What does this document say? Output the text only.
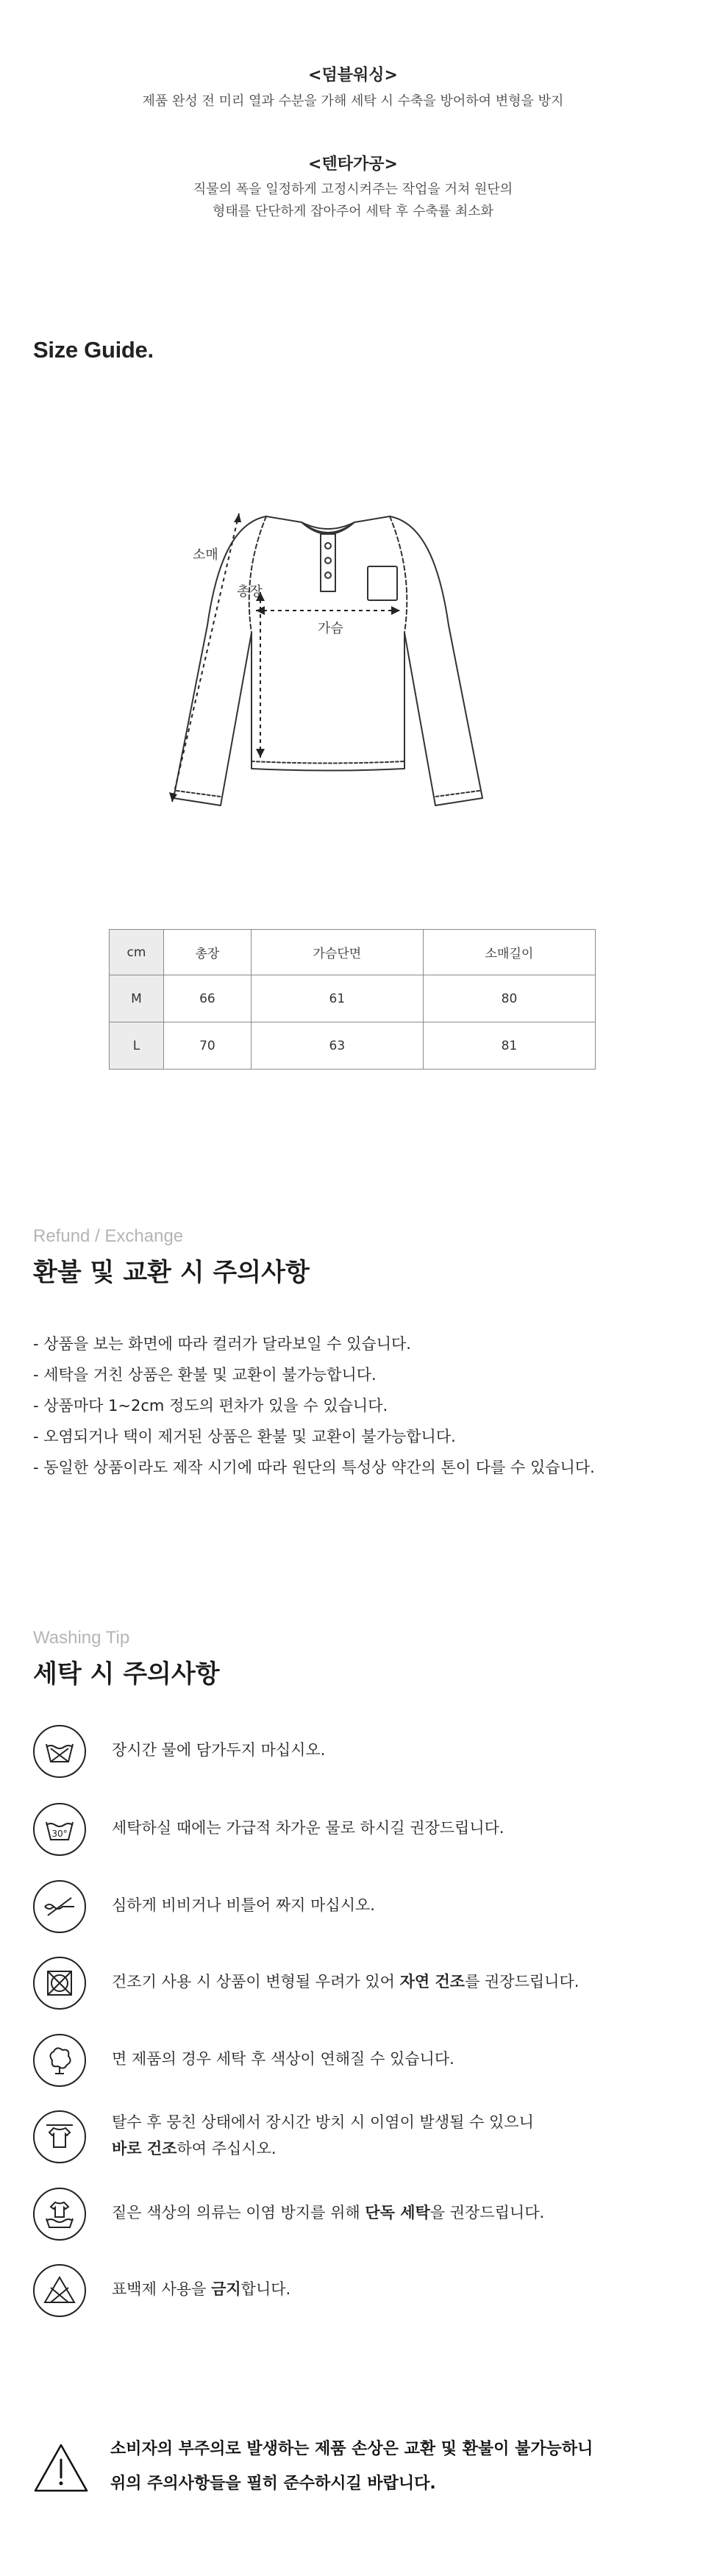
<덤블워싱>
제품 완성 전 미리 열과 수분을 가해 세탁 시 수축을 방어하여 변형을 방지
<텐타가공>
직물의 폭을 일정하게 고정시켜주는 작업을 거쳐 원단의
형태를 단단하게 잡아주어 세탁 후 수축률 최소화
Size Guide.
소매
총장
가슴
cm	총장	가슴단면	소매길이
M	66	61	80
L	70	63	81
Refund / Exchange
환불 및 교환 시 주의사항
- 상품을 보는 화면에 따라 컬러가 달라보일 수 있습니다.
- 세탁을 거친 상품은 환불 및 교환이 불가능합니다.
- 상품마다 1~2cm 정도의 편차가 있을 수 있습니다.
- 오염되거나 택이 제거된 상품은 환불 및 교환이 불가능합니다.
- 동일한 상품이라도 제작 시기에 따라 원단의 특성상 약간의 톤이 다를 수 있습니다.
Washing Tip
세탁 시 주의사항
장시간 물에 담가두지 마십시오.
30°	세탁하실 때에는 가급적 차가운 물로 하시길 권장드립니다.
심하게 비비거나 비틀어 짜지 마십시오.
건조기 사용 시 상품이 변형될 우려가 있어 자연 건조를 권장드립니다.
면 제품의 경우 세탁 후 색상이 연해질 수 있습니다.
탈수 후 뭉친 상태에서 장시간 방치 시 이염이 발생될 수 있으니
바로 건조하여 주십시오.
짙은 색상의 의류는 이염 방지를 위해 단독 세탁을 권장드립니다.
표백제 사용을 금지합니다.
소비자의 부주의로 발생하는 제품 손상은 교환 및 환불이 불가능하니
위의 주의사항들을 필히 준수하시길 바랍니다.
